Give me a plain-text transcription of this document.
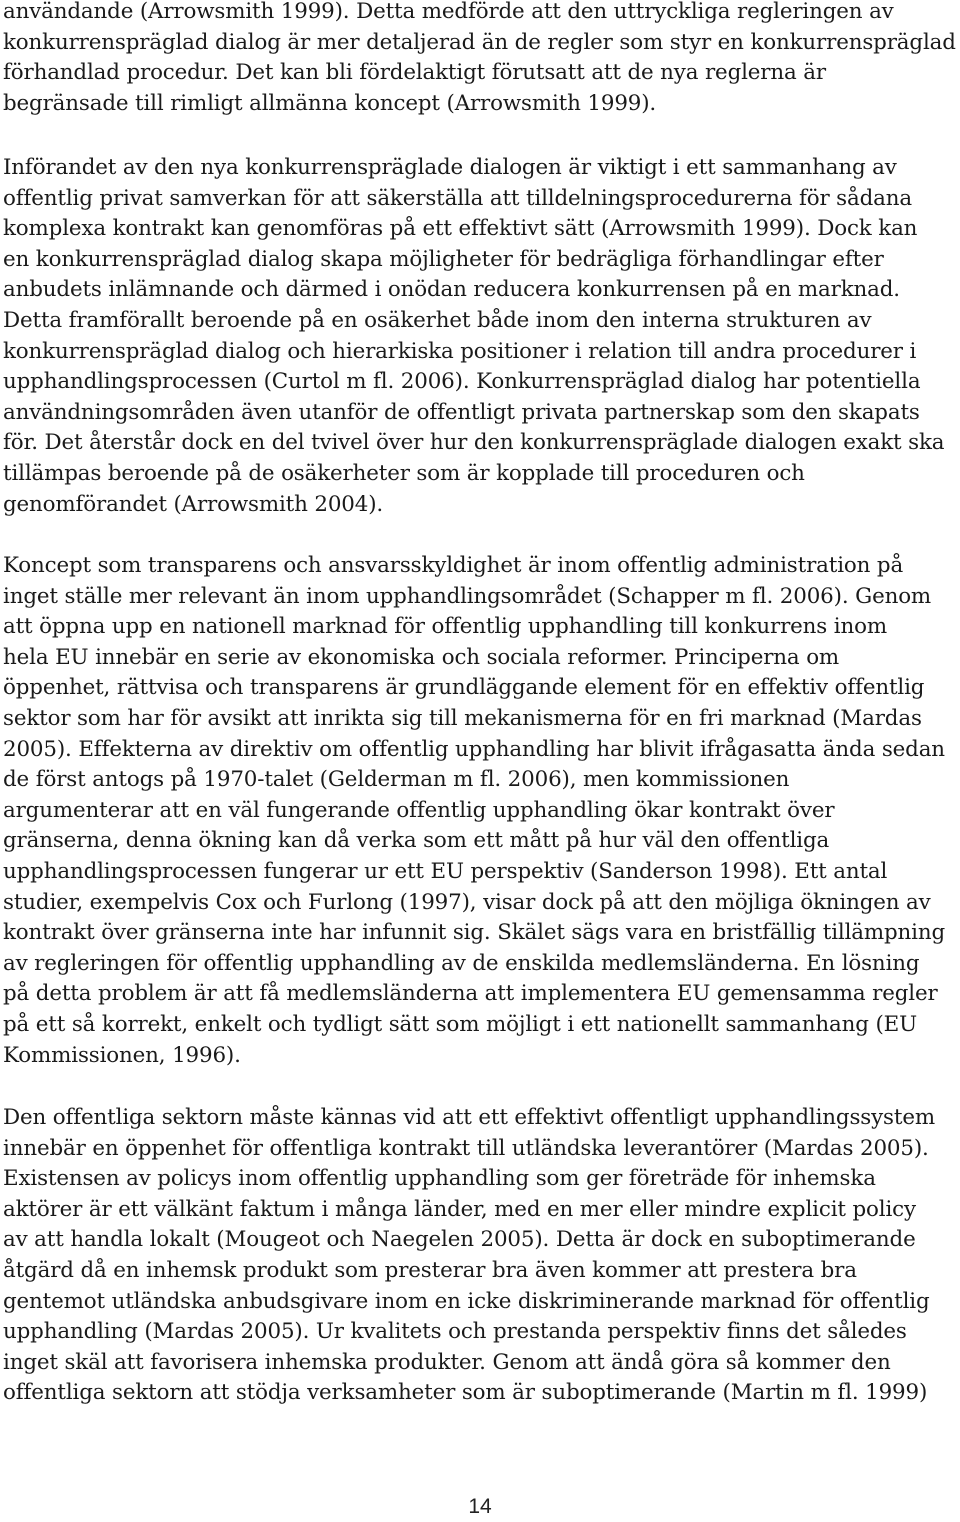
användande (Arrowsmith 1999). Detta medförde att den uttryckliga regleringen av
konkurrenspräglad dialog är mer detaljerad än de regler som styr en konkurrenspräglad
förhandlad procedur. Det kan bli fördelaktigt förutsatt att de nya reglerna är
begränsade till rimligt allmänna koncept (Arrowsmith 1999).
Införandet av den nya konkurrenspräglade dialogen är viktigt i ett sammanhang av
offentlig privat samverkan för att säkerställa att tilldelningsprocedurerna för sådana
komplexa kontrakt kan genomföras på ett effektivt sätt (Arrowsmith 1999). Dock kan
en konkurrenspräglad dialog skapa möjligheter för bedrägliga förhandlingar efter
anbudets inlämnande och därmed i onödan reducera konkurrensen på en marknad.
Detta framförallt beroende på en osäkerhet både inom den interna strukturen av
konkurrenspräglad dialog och hierarkiska positioner i relation till andra procedurer i
upphandlingsprocessen (Curtol m fl. 2006). Konkurrenspräglad dialog har potentiella
användningsområden även utanför de offentligt privata partnerskap som den skapats
för. Det återstår dock en del tvivel över hur den konkurrenspräglade dialogen exakt ska
tillämpas beroende på de osäkerheter som är kopplade till proceduren och
genomförandet (Arrowsmith 2004).
Koncept som transparens och ansvarsskyldighet är inom offentlig administration på
inget ställe mer relevant än inom upphandlingsområdet (Schapper m fl. 2006). Genom
att öppna upp en nationell marknad för offentlig upphandling till konkurrens inom
hela EU innebär en serie av ekonomiska och sociala reformer. Principerna om
öppenhet, rättvisa och transparens är grundläggande element för en effektiv offentlig
sektor som har för avsikt att inrikta sig till mekanismerna för en fri marknad (Mardas
2005). Effekterna av direktiv om offentlig upphandling har blivit ifrågasatta ända sedan
de först antogs på 1970-talet (Gelderman m fl. 2006), men kommissionen
argumenterar att en väl fungerande offentlig upphandling ökar kontrakt över
gränserna, denna ökning kan då verka som ett mått på hur väl den offentliga
upphandlingsprocessen fungerar ur ett EU perspektiv (Sanderson 1998). Ett antal
studier, exempelvis Cox och Furlong (1997), visar dock på att den möjliga ökningen av
kontrakt över gränserna inte har infunnit sig. Skälet sägs vara en bristfällig tillämpning
av regleringen för offentlig upphandling av de enskilda medlemsländerna. En lösning
på detta problem är att få medlemsländerna att implementera EU gemensamma regler
på ett så korrekt, enkelt och tydligt sätt som möjligt i ett nationellt sammanhang (EU
Kommissionen, 1996).
Den offentliga sektorn måste kännas vid att ett effektivt offentligt upphandlingssystem
innebär en öppenhet för offentliga kontrakt till utländska leverantörer (Mardas 2005).
Existensen av policys inom offentlig upphandling som ger företräde för inhemska
aktörer är ett välkänt faktum i många länder, med en mer eller mindre explicit policy
av att handla lokalt (Mougeot och Naegelen 2005). Detta är dock en suboptimerande
åtgärd då en inhemsk produkt som presterar bra även kommer att prestera bra
gentemot utländska anbudsgivare inom en icke diskriminerande marknad för offentlig
upphandling (Mardas 2005). Ur kvalitets och prestanda perspektiv finns det således
inget skäl att favorisera inhemska produkter. Genom att ändå göra så kommer den
offentliga sektorn att stödja verksamheter som är suboptimerande (Martin m fl. 1999)
14
